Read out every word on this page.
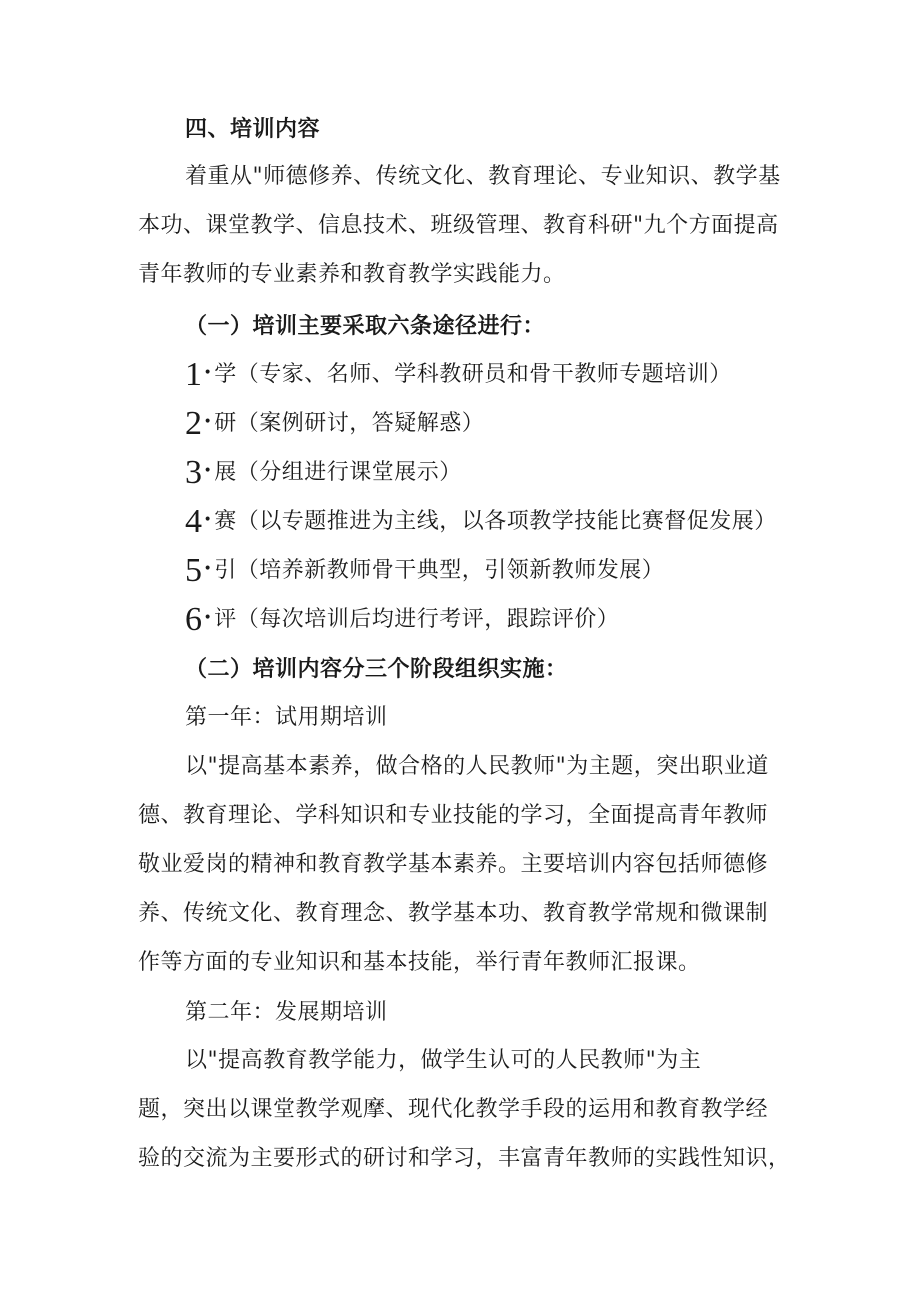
四、培训内容
着重从"师德修养、传统文化、教育理论、专业知识、教学基
本功、课堂教学、信息技术、班级管理、教育科研"九个方面提高
青年教师的专业素养和教育教学实践能力。
（一）培训主要采取六条途径进行：
1•学（专家、名师、学科教研员和骨干教师专题培训）
2•研（案例研讨，答疑解惑）
3•展（分组进行课堂展示）
4•赛（以专题推进为主线，以各项教学技能比赛督促发展）
5•引（培养新教师骨干典型，引领新教师发展）
6•评（每次培训后均进行考评，跟踪评价）
（二）培训内容分三个阶段组织实施：
第一年：试用期培训
以"提高基本素养，做合格的人民教师"为主题，突出职业道
德、教育理论、学科知识和专业技能的学习，全面提高青年教师
敬业爱岗的精神和教育教学基本素养。主要培训内容包括师德修
养、传统文化、教育理念、教学基本功、教育教学常规和微课制
作等方面的专业知识和基本技能，举行青年教师汇报课。
第二年：发展期培训
以"提高教育教学能力，做学生认可的人民教师"为主
题，突出以课堂教学观摩、现代化教学手段的运用和教育教学经
验的交流为主要形式的研讨和学习，丰富青年教师的实践性知识，
